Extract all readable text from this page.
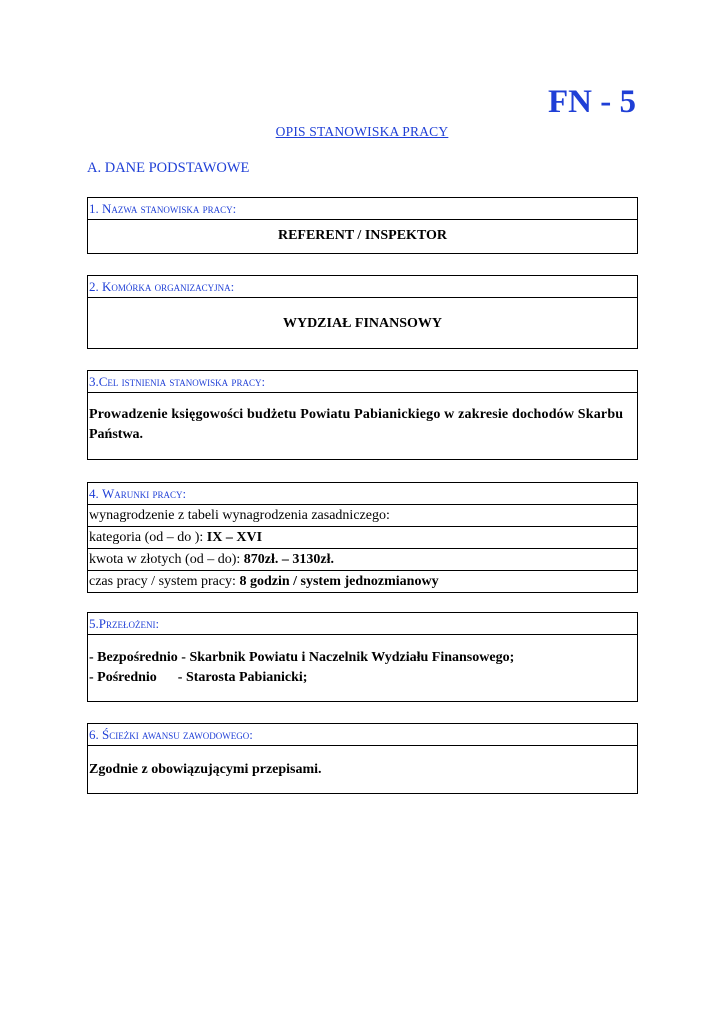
FN - 5
OPIS STANOWISKA PRACY
A. DANE PODSTAWOWE
1. Nazwa stanowiska pracy:
REFERENT / INSPEKTOR
2. Komórka organizacyjna:
WYDZIAŁ FINANSOWY
3.Cel istnienia stanowiska pracy:
Prowadzenie księgowości budżetu Powiatu Pabianickiego w zakresie dochodów Skarbu
Państwa.
4. Warunki pracy:
wynagrodzenie z tabeli wynagrodzenia zasadniczego:
kategoria (od – do ): IX – XVI
kwota w złotych (od – do): 870zł. – 3130zł.
czas pracy / system pracy: 8 godzin / system jednozmianowy
5.Przełożeni:
- Bezpośrednio - Skarbnik Powiatu i Naczelnik Wydziału Finansowego;
- Pośrednio      - Starosta Pabianicki;
6. Ścieżki awansu zawodowego:
Zgodnie z obowiązującymi przepisami.
